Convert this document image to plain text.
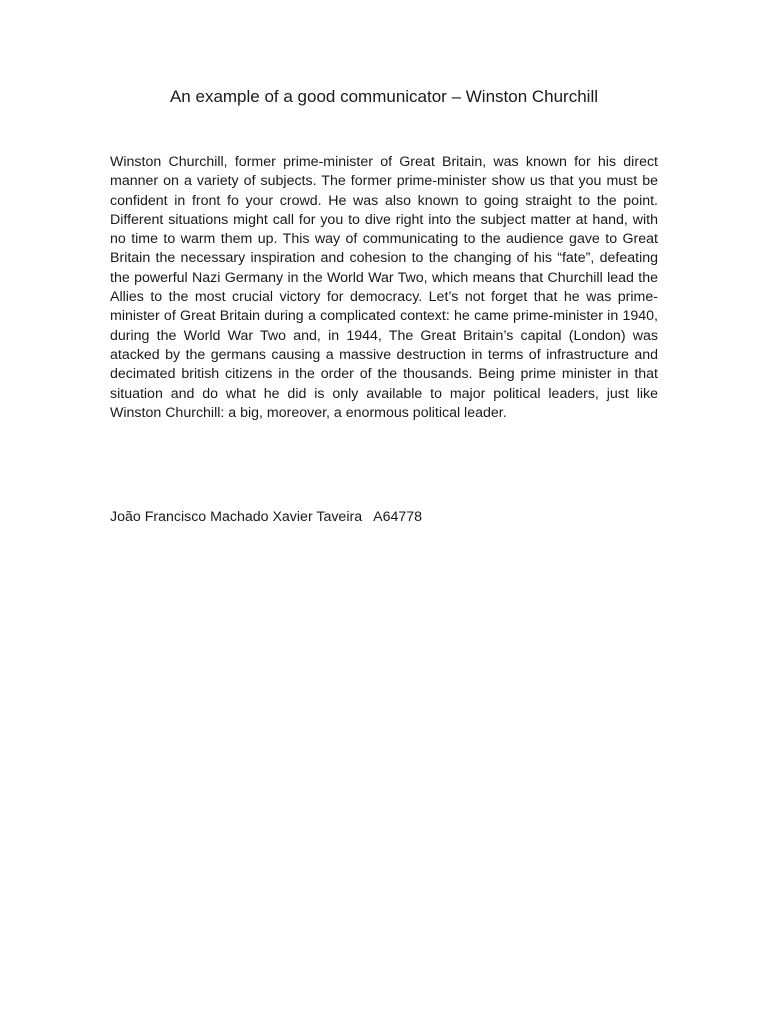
An example of a good communicator – Winston Churchill

Winston Churchill, former prime-minister of Great Britain, was known for his direct manner on a variety of subjects. The former prime-minister show us that you must be confident in front fo your crowd. He was also known to going straight to the point. Different situations might call for you to dive right into the subject matter at hand, with no time to warm them up. This way of communicating to the audience gave to Great Britain the necessary inspiration and cohesion to the changing of his “fate”, defeating the powerful Nazi Germany in the World War Two, which means that Churchill lead the Allies to the most crucial victory for democracy. Let’s not forget that he was prime-minister of Great Britain during a complicated context: he came prime-minister in 1940, during the World War Two and, in 1944, The Great Britain’s capital (London) was atacked by the germans causing a massive destruction in terms of infrastructure and decimated british citizens in the order of the thousands. Being prime minister in that situation and do what he did is only available to major political leaders, just like Winston Churchill: a big, moreover, a enormous political leader.

João Francisco Machado Xavier Taveira   A64778
